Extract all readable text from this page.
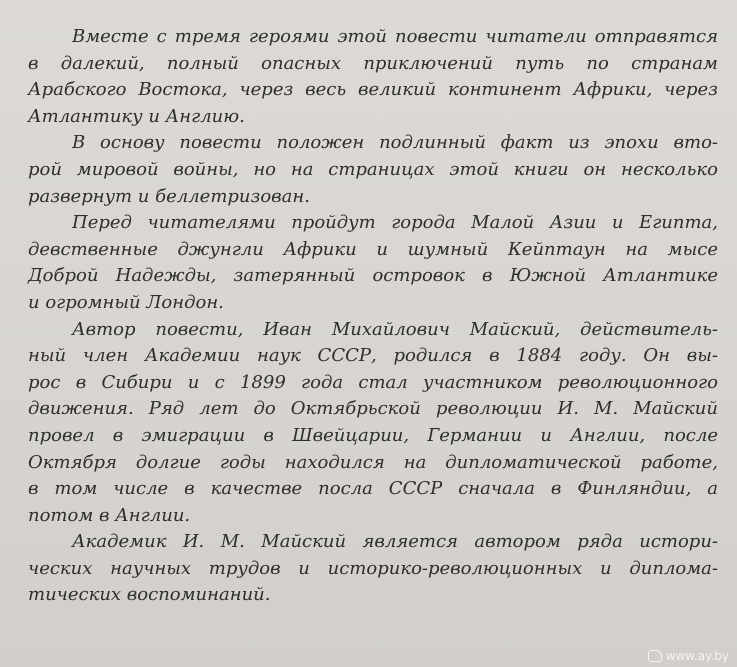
Вместе с тремя героями этой повести читатели отправятся
в далекий, полный опасных приключений путь по странам
Арабского Востока, через весь великий континент Африки, через
Атлантику и Англию.
В основу повести положен подлинный факт из эпохи вто-
рой мировой войны, но на страницах этой книги он несколько
развернут и беллетризован.
Перед читателями пройдут города Малой Азии и Египта,
девственные джунгли Африки и шумный Кейптаун на мысе
Доброй Надежды, затерянный островок в Южной Атлантике
и огромный Лондон.
Автор повести, Иван Михайлович Майский, действитель-
ный член Академии наук СССР, родился в 1884 году. Он вы-
рос в Сибири и с 1899 года стал участником революционного
движения. Ряд лет до Октябрьской революции И. М. Майский
провел в эмиграции в Швейцарии, Германии и Англии, после
Октября долгие годы находился на дипломатической работе,
в том числе в качестве посла СССР сначала в Финляндии, а
потом в Англии.
Академик И. М. Майский является автором ряда истори-
ческих научных трудов и историко-революционных и диплома-
тических воспоминаний.
www.ay.by
